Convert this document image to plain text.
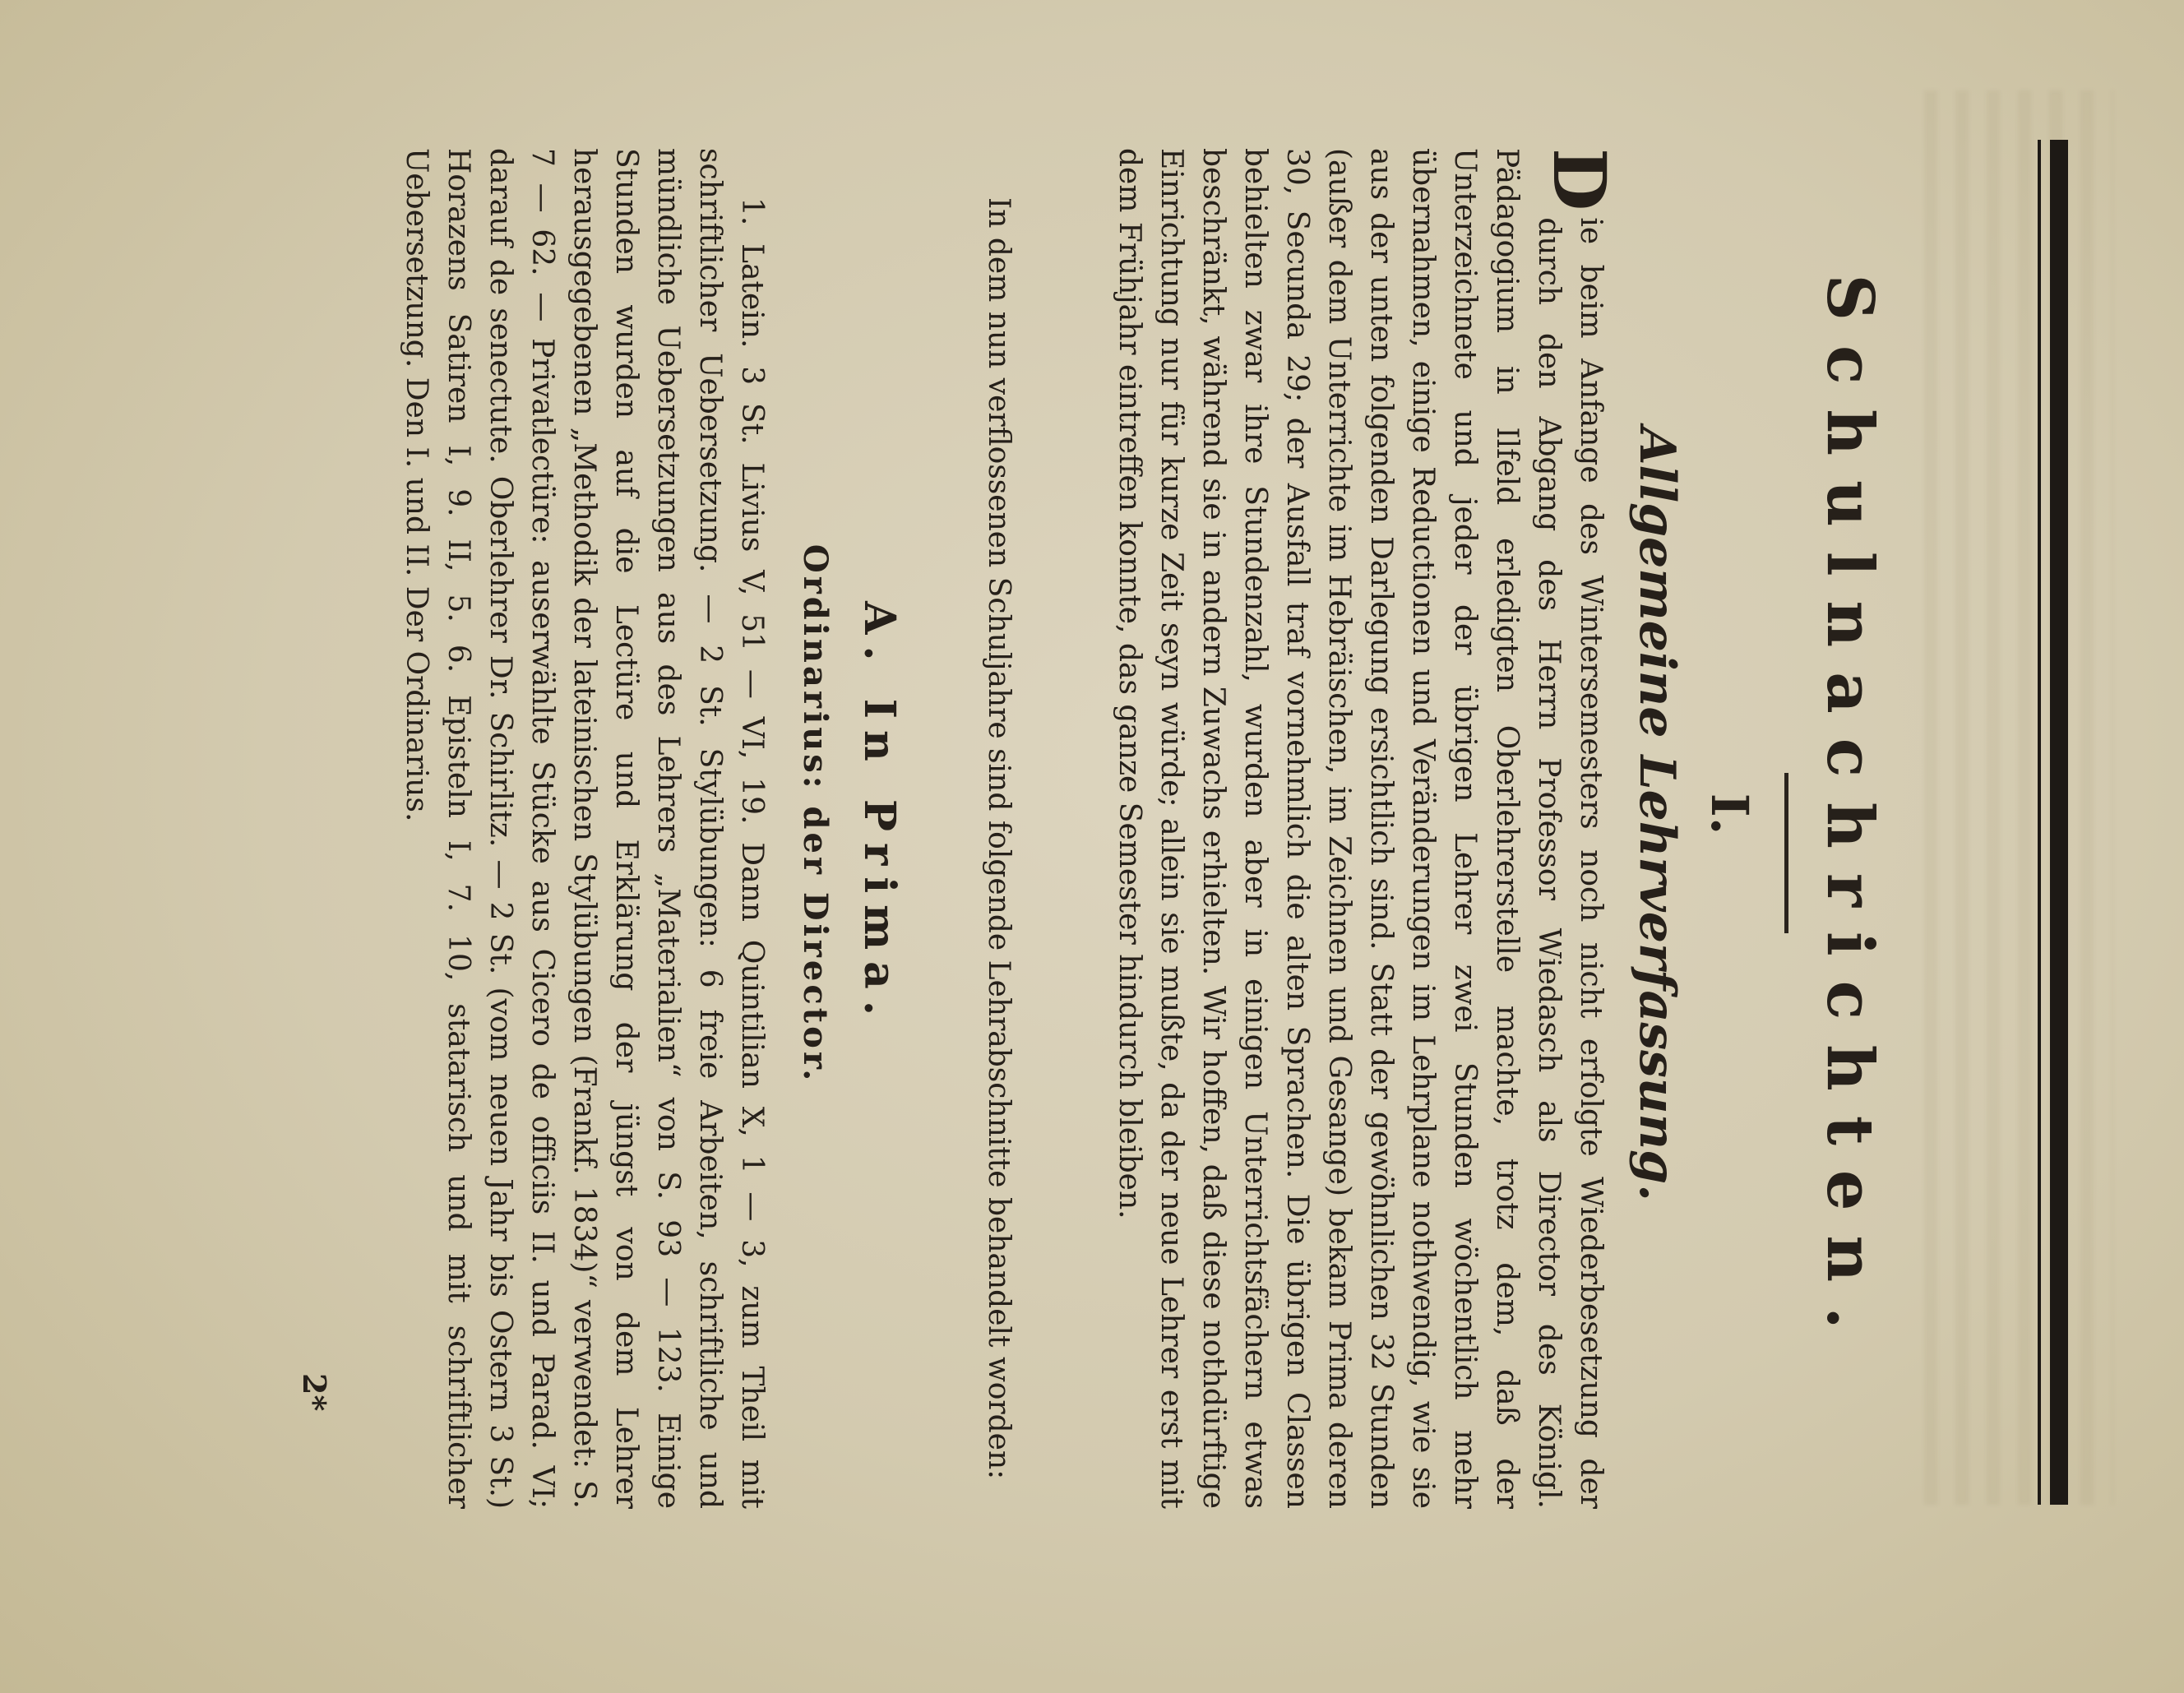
Schulnachrichten.
I.
Allgemeine Lehrverfassung.

Die beim Anfange des Wintersemesters noch nicht erfolgte Wiederbesetzung der durch den Abgang des Herrn Professor Wiedasch als Director des Königl. Pädagogium in Ilfeld erledigten Oberlehrerstelle machte, trotz dem, daß der Unterzeichnete und jeder der übrigen Lehrer zwei Stunden wöchentlich mehr übernahmen, einige Reductionen und Veränderungen im Lehrplane nothwendig, wie sie aus der unten folgenden Darlegung ersichtlich sind. Statt der gewöhnlichen 32 Stunden (außer dem Unterrichte im Hebräischen, im Zeichnen und Gesange) bekam Prima deren 30, Secunda 29; der Ausfall traf vornehmlich die alten Sprachen. Die übrigen Classen behielten zwar ihre Stundenzahl, wurden aber in einigen Unterrichtsfächern etwas beschränkt, während sie in andern Zuwachs erhielten. Wir hoffen, daß diese nothdürftige Einrichtung nur für kurze Zeit seyn würde; allein sie mußte, da der neue Lehrer erst mit dem Frühjahr eintreffen konnte, das ganze Semester hindurch bleiben.

In dem nun verflossenen Schuljahre sind folgende Lehrabschnitte behandelt worden:

A. In Prima.
Ordinarius: der Director.

1. Latein. 3 St. Livius V, 51 — VI, 19. Dann Quintilian X, 1 — 3, zum Theil mit schriftlicher Uebersetzung. — 2 St. Stylübungen: 6 freie Arbeiten, schriftliche und mündliche Uebersetzungen aus des Lehrers „Materialien“ von S. 93 — 123. Einige Stunden wurden auf die Lectüre und Erklärung der jüngst von dem Lehrer herausgegebenen „Methodik der lateinischen Stylübungen (Frankf. 1834)“ verwendet: S. 7 — 62. — Privatlectüre: auserwählte Stücke aus Cicero de officiis II. und Parad. VI; darauf de senectute. Oberlehrer Dr. Schirlitz. — 2 St. (vom neuen Jahr bis Ostern 3 St.) Horazens Satiren I, 9. II, 5. 6. Episteln I, 7. 10, statarisch und mit schriftlicher Uebersetzung. Den I. und II. Der Ordinarius.

2*
